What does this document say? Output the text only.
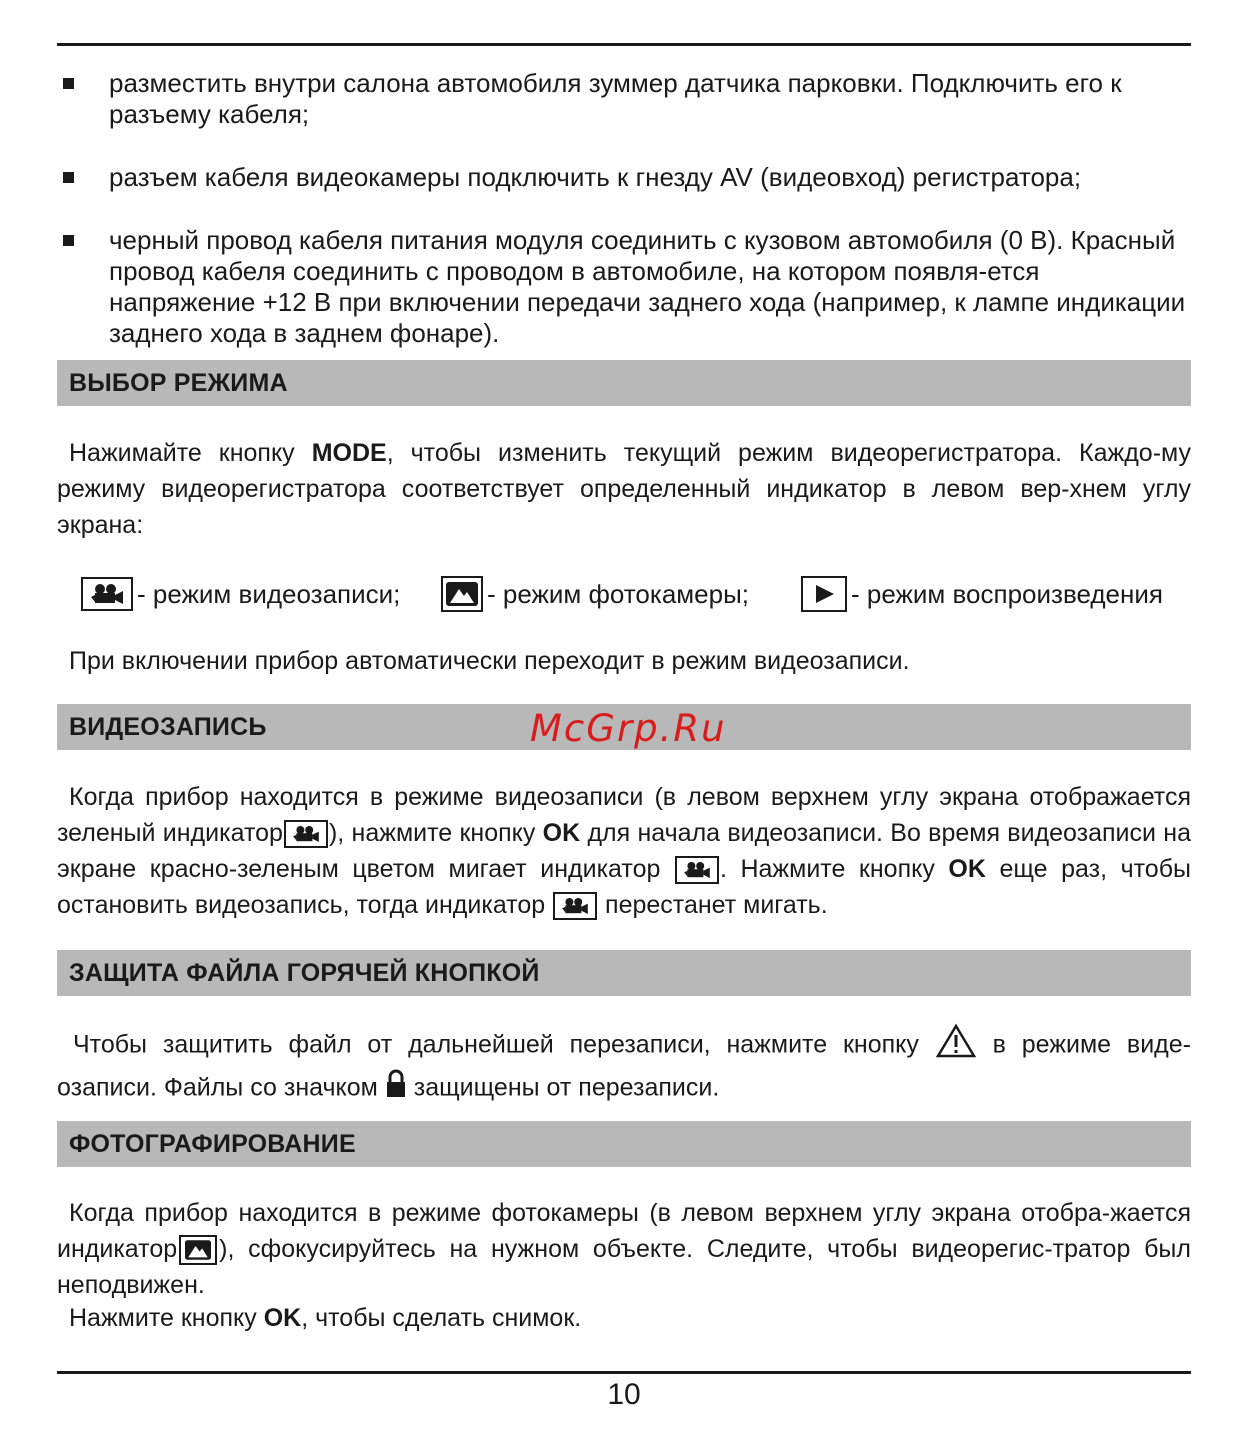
разместить внутри салона автомобиля зуммер датчика парковки. Подключить его к разъему кабеля;
разъем кабеля видеокамеры подключить к гнезду AV (видеовход) регистратора;
черный провод кабеля питания модуля соединить с кузовом автомобиля (0 В). Красный провод кабеля соединить с проводом в автомобиле, на котором появля-ется напряжение +12 В при включении передачи заднего хода (например, к лампе индикации заднего хода в заднем фонаре).
ВЫБОР РЕЖИМА
Нажимайте кнопку MODE, чтобы изменить текущий режим видеорегистратора. Каждо-му режиму видеорегистратора соответствует определенный индикатор в левом вер-хнем углу экрана:
- режим видеозаписи;	- режим фотокамеры;	- режим воспроизведения
При включении прибор автоматически переходит в режим видеозаписи.
ВИДЕОЗАПИСЬ	McGrp.Ru
Когда прибор находится в режиме видеозаписи (в левом верхнем углу экрана отображается зеленый индикатор ), нажмите кнопку OK для начала видеозаписи. Во время видеозаписи на экране красно-зеленым цветом мигает индикатор . Нажмите кнопку OK еще раз, чтобы остановить видеозапись, тогда индикатор
перестанет мигать.
ЗАЩИТА ФАЙЛА ГОРЯЧЕЙ КНОПКОЙ
Чтобы защитить файл от дальнейшей перезаписи, нажмите кнопку  в режиме виде-озаписи. Файлы со значком  защищены от перезаписи.
ФОТОГРАФИРОВАНИЕ
Когда прибор находится в режиме фотокамеры (в левом верхнем углу экрана отобра-жается индикатор ), сфокусируйтесь на нужном объекте. Следите, чтобы видеорегис-тратор был неподвижен.
Нажмите кнопку OK, чтобы сделать снимок.
10
